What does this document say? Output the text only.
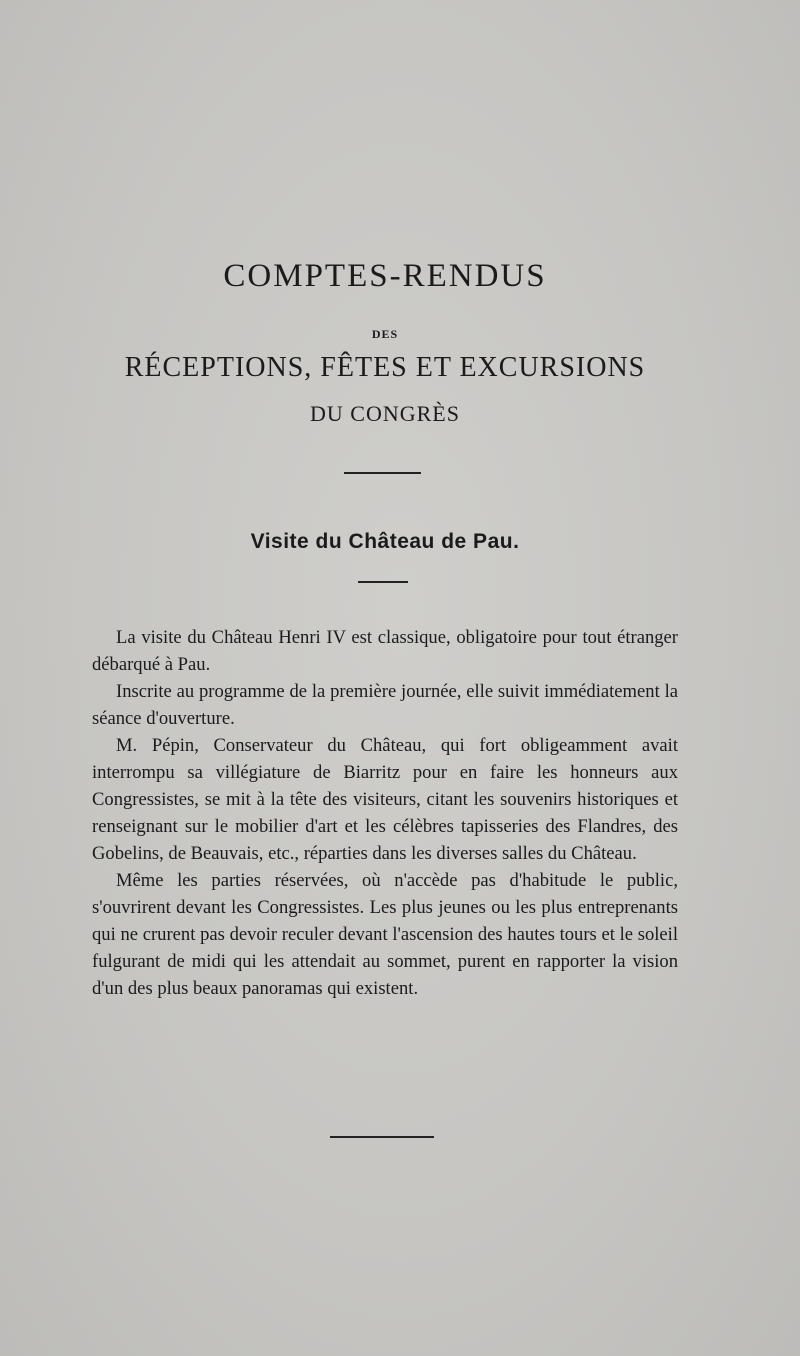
COMPTES-RENDUS
DES
RÉCEPTIONS, FÊTES ET EXCURSIONS
DU CONGRÈS
Visite du Château de Pau.

La visite du Château Henri IV est classique, obligatoire pour tout étranger débarqué à Pau.

Inscrite au programme de la première journée, elle suivit immédiatement la séance d'ouverture.

M. Pépin, Conservateur du Château, qui fort obligeamment avait interrompu sa villégiature de Biarritz pour en faire les honneurs aux Congressistes, se mit à la tête des visiteurs, citant les souvenirs historiques et renseignant sur le mobilier d'art et les célèbres tapisseries des Flandres, des Gobelins, de Beauvais, etc., réparties dans les diverses salles du Château.

Même les parties réservées, où n'accède pas d'habitude le public, s'ouvrirent devant les Congressistes. Les plus jeunes ou les plus entreprenants qui ne crurent pas devoir reculer devant l'ascension des hautes tours et le soleil fulgurant de midi qui les attendait au sommet, purent en rapporter la vision d'un des plus beaux panoramas qui existent.
